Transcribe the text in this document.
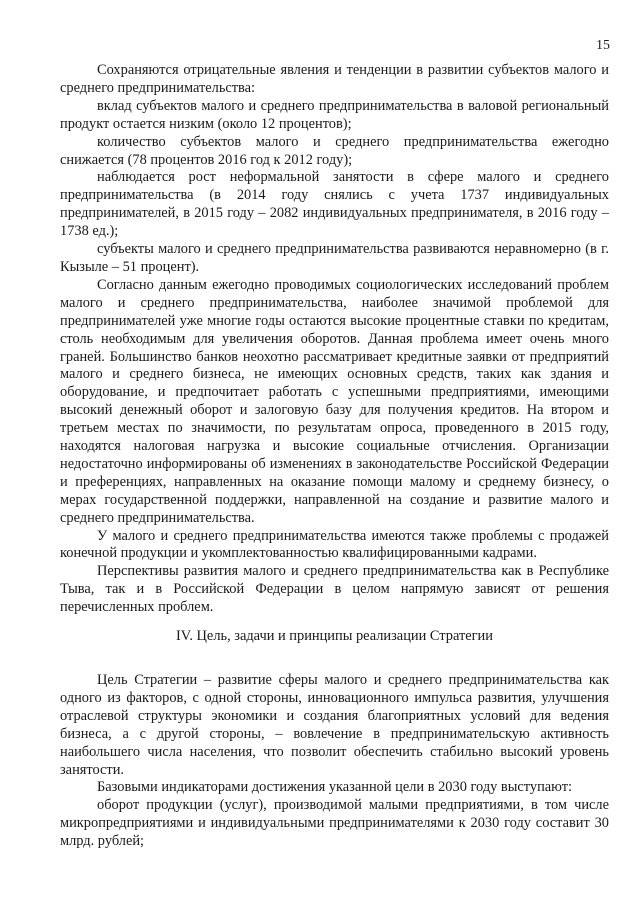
15

Сохраняются отрицательные явления и тенденции в развитии субъектов малого и среднего предпринимательства:

вклад субъектов малого и среднего предпринимательства в валовой региональный продукт остается низким (около 12 процентов);

количество субъектов малого и среднего предпринимательства ежегодно снижается (78 процентов 2016 год к 2012 году);

наблюдается рост неформальной занятости в сфере малого и среднего предпринимательства (в 2014 году снялись с учета 1737 индивидуальных предпринимателей, в 2015 году – 2082 индивидуальных предпринимателя, в 2016 году – 1738 ед.);

субъекты малого и среднего предпринимательства развиваются неравномерно (в г. Кызыле – 51 процент).

Согласно данным ежегодно проводимых социологических исследований проблем малого и среднего предпринимательства, наиболее значимой проблемой для предпринимателей уже многие годы остаются высокие процентные ставки по кредитам, столь необходимым для увеличения оборотов. Данная проблема имеет очень много граней. Большинство банков неохотно рассматривает кредитные заявки от предприятий малого и среднего бизнеса, не имеющих основных средств, таких как здания и оборудование, и предпочитает работать с успешными предприятиями, имеющими высокий денежный оборот и залоговую базу для получения кредитов. На втором и третьем местах по значимости, по результатам опроса, проведенного в 2015 году, находятся налоговая нагрузка и высокие социальные отчисления. Организации недостаточно информированы об изменениях в законодательстве Российской Федерации и преференциях, направленных на оказание помощи малому и среднему бизнесу, о мерах государственной поддержки, направленной на создание и развитие малого и среднего предпринимательства.

У малого и среднего предпринимательства имеются также проблемы с продажей конечной продукции и укомплектованностью квалифицированными кадрами.

Перспективы развития малого и среднего предпринимательства как в Республике Тыва, так и в Российской Федерации в целом напрямую зависят от решения перечисленных проблем.

IV. Цель, задачи и принципы реализации Стратегии

Цель Стратегии – развитие сферы малого и среднего предпринимательства как одного из факторов, с одной стороны, инновационного импульса развития, улучшения отраслевой структуры экономики и создания благоприятных условий для ведения бизнеса, а с другой стороны, – вовлечение в предпринимательскую активность наибольшего числа населения, что позволит обеспечить стабильно высокий уровень занятости.

Базовыми индикаторами достижения указанной цели в 2030 году выступают:

оборот продукции (услуг), производимой малыми предприятиями, в том числе микропредприятиями и индивидуальными предпринимателями к 2030 году составит 30 млрд. рублей;
